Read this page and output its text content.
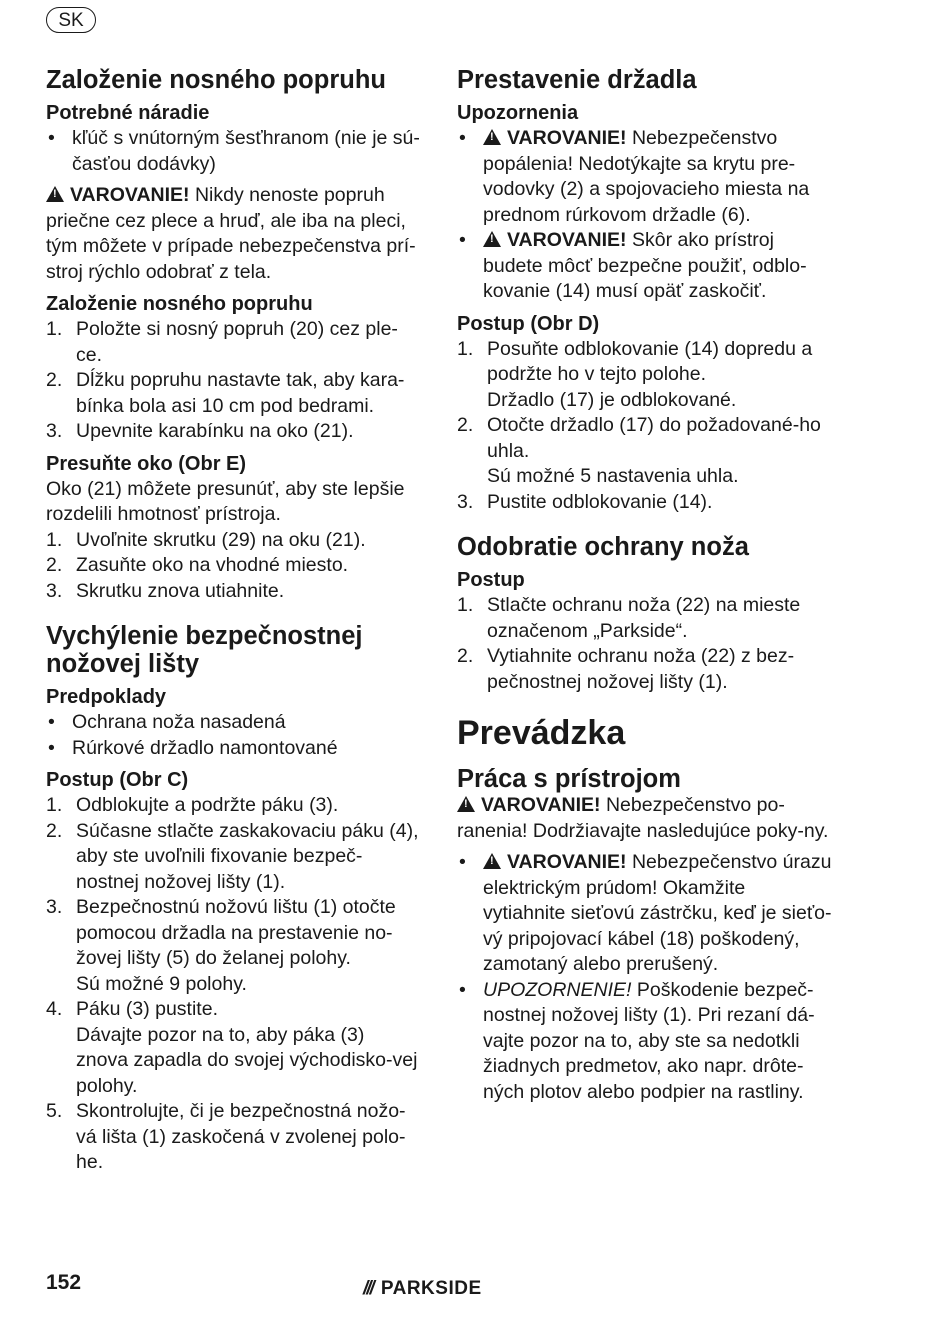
SK
Založenie nosného popruhu
Potrebné náradie
• kľúč s vnútorným šesťhranom (nie je sú-časťou dodávky)

!VAROVANIE! Nikdy nenoste popruh priečne cez plece a hruď, ale iba na pleci, tým môžete v prípade nebezpečenstva prí-stroj rýchlo odobrať z tela.

Založenie nosného popruhu
1. Položte si nosný popruh (20) cez ple-ce.
2. Dĺžku popruhu nastavte tak, aby kara-bínka bola asi 10 cm pod bedrami.
3. Upevnite karabínku na oko (21).
Presuňte oko (Obr E)

Oko (21) môžete presunúť, aby ste lepšie rozdelili hmotnosť prístroja.

1. Uvoľnite skrutku (29) na oku (21).
2. Zasuňte oko na vhodné miesto.
3. Skrutku znova utiahnite.
Vychýlenie bezpečnostnej nožovej lišty
Predpoklady
• Ochrana noža nasadená
• Rúrkové držadlo namontované
Postup (Obr C)
1. Odblokujte a podržte páku (3).
2. Súčasne stlačte zaskakovaciu páku (4), aby ste uvoľnili fixovanie bezpeč-nostnej nožovej lišty (1).
3. Bezpečnostnú nožovú lištu (1) otočte pomocou držadla na prestavenie no-žovej lišty (5) do želanej polohy.

Sú možné 9 polohy.

4. Páku (3) pustite.

Dávajte pozor na to, aby páka (3) znova zapadla do svojej východisko-vej polohy.

5. Skontrolujte, či je bezpečnostná nožo-vá lišta (1) zaskočená v zvolenej polo-he.
Prestavenie držadla
Upozornenia
• !	VAROVANIE! Nebezpečenstvo popálenia! Nedotýkajte sa krytu pre-vodovky (2) a spojovacieho miesta na prednom rúrkovom držadle (6).
• !	VAROVANIE! Skôr ako prístroj budete môcť bezpečne použiť, odblo-kovanie (14) musí opäť zaskočiť.
Postup (Obr D)
1. Posuňte odblokovanie (14) dopredu a podržte ho v tejto polohe.

Držadlo (17) je odblokované.

2. Otočte držadlo (17) do požadované-ho uhla.

Sú možné 5 nastavenia uhla.

3. Pustite odblokovanie (14).
Odobratie ochrany noža
Postup
1. Stlačte ochranu noža (22) na mieste označenom „Parkside“.
2. Vytiahnite ochranu noža (22) z bez-pečnostnej nožovej lišty (1).
Prevádzka
Práca s prístrojom

!VAROVANIE! Nebezpečenstvo po-ranenia! Dodržiavajte nasledujúce poky-ny.

• !	VAROVANIE! Nebezpečenstvo úrazu elektrickým prúdom! Okamžite vytiahnite sieťovú zástrčku, keď je sieťo-vý pripojovací kábel (18) poškodený, zamotaný alebo prerušený.
• UPOZORNENIE! Poškodenie bezpeč-nostnej nožovej lišty (1). Pri rezaní dá-vajte pozor na to, aby ste sa nedotkli žiadnych predmetov, ako napr. drôte-ných plotov alebo podpier na rastliny.
152	/// PARKSIDE
